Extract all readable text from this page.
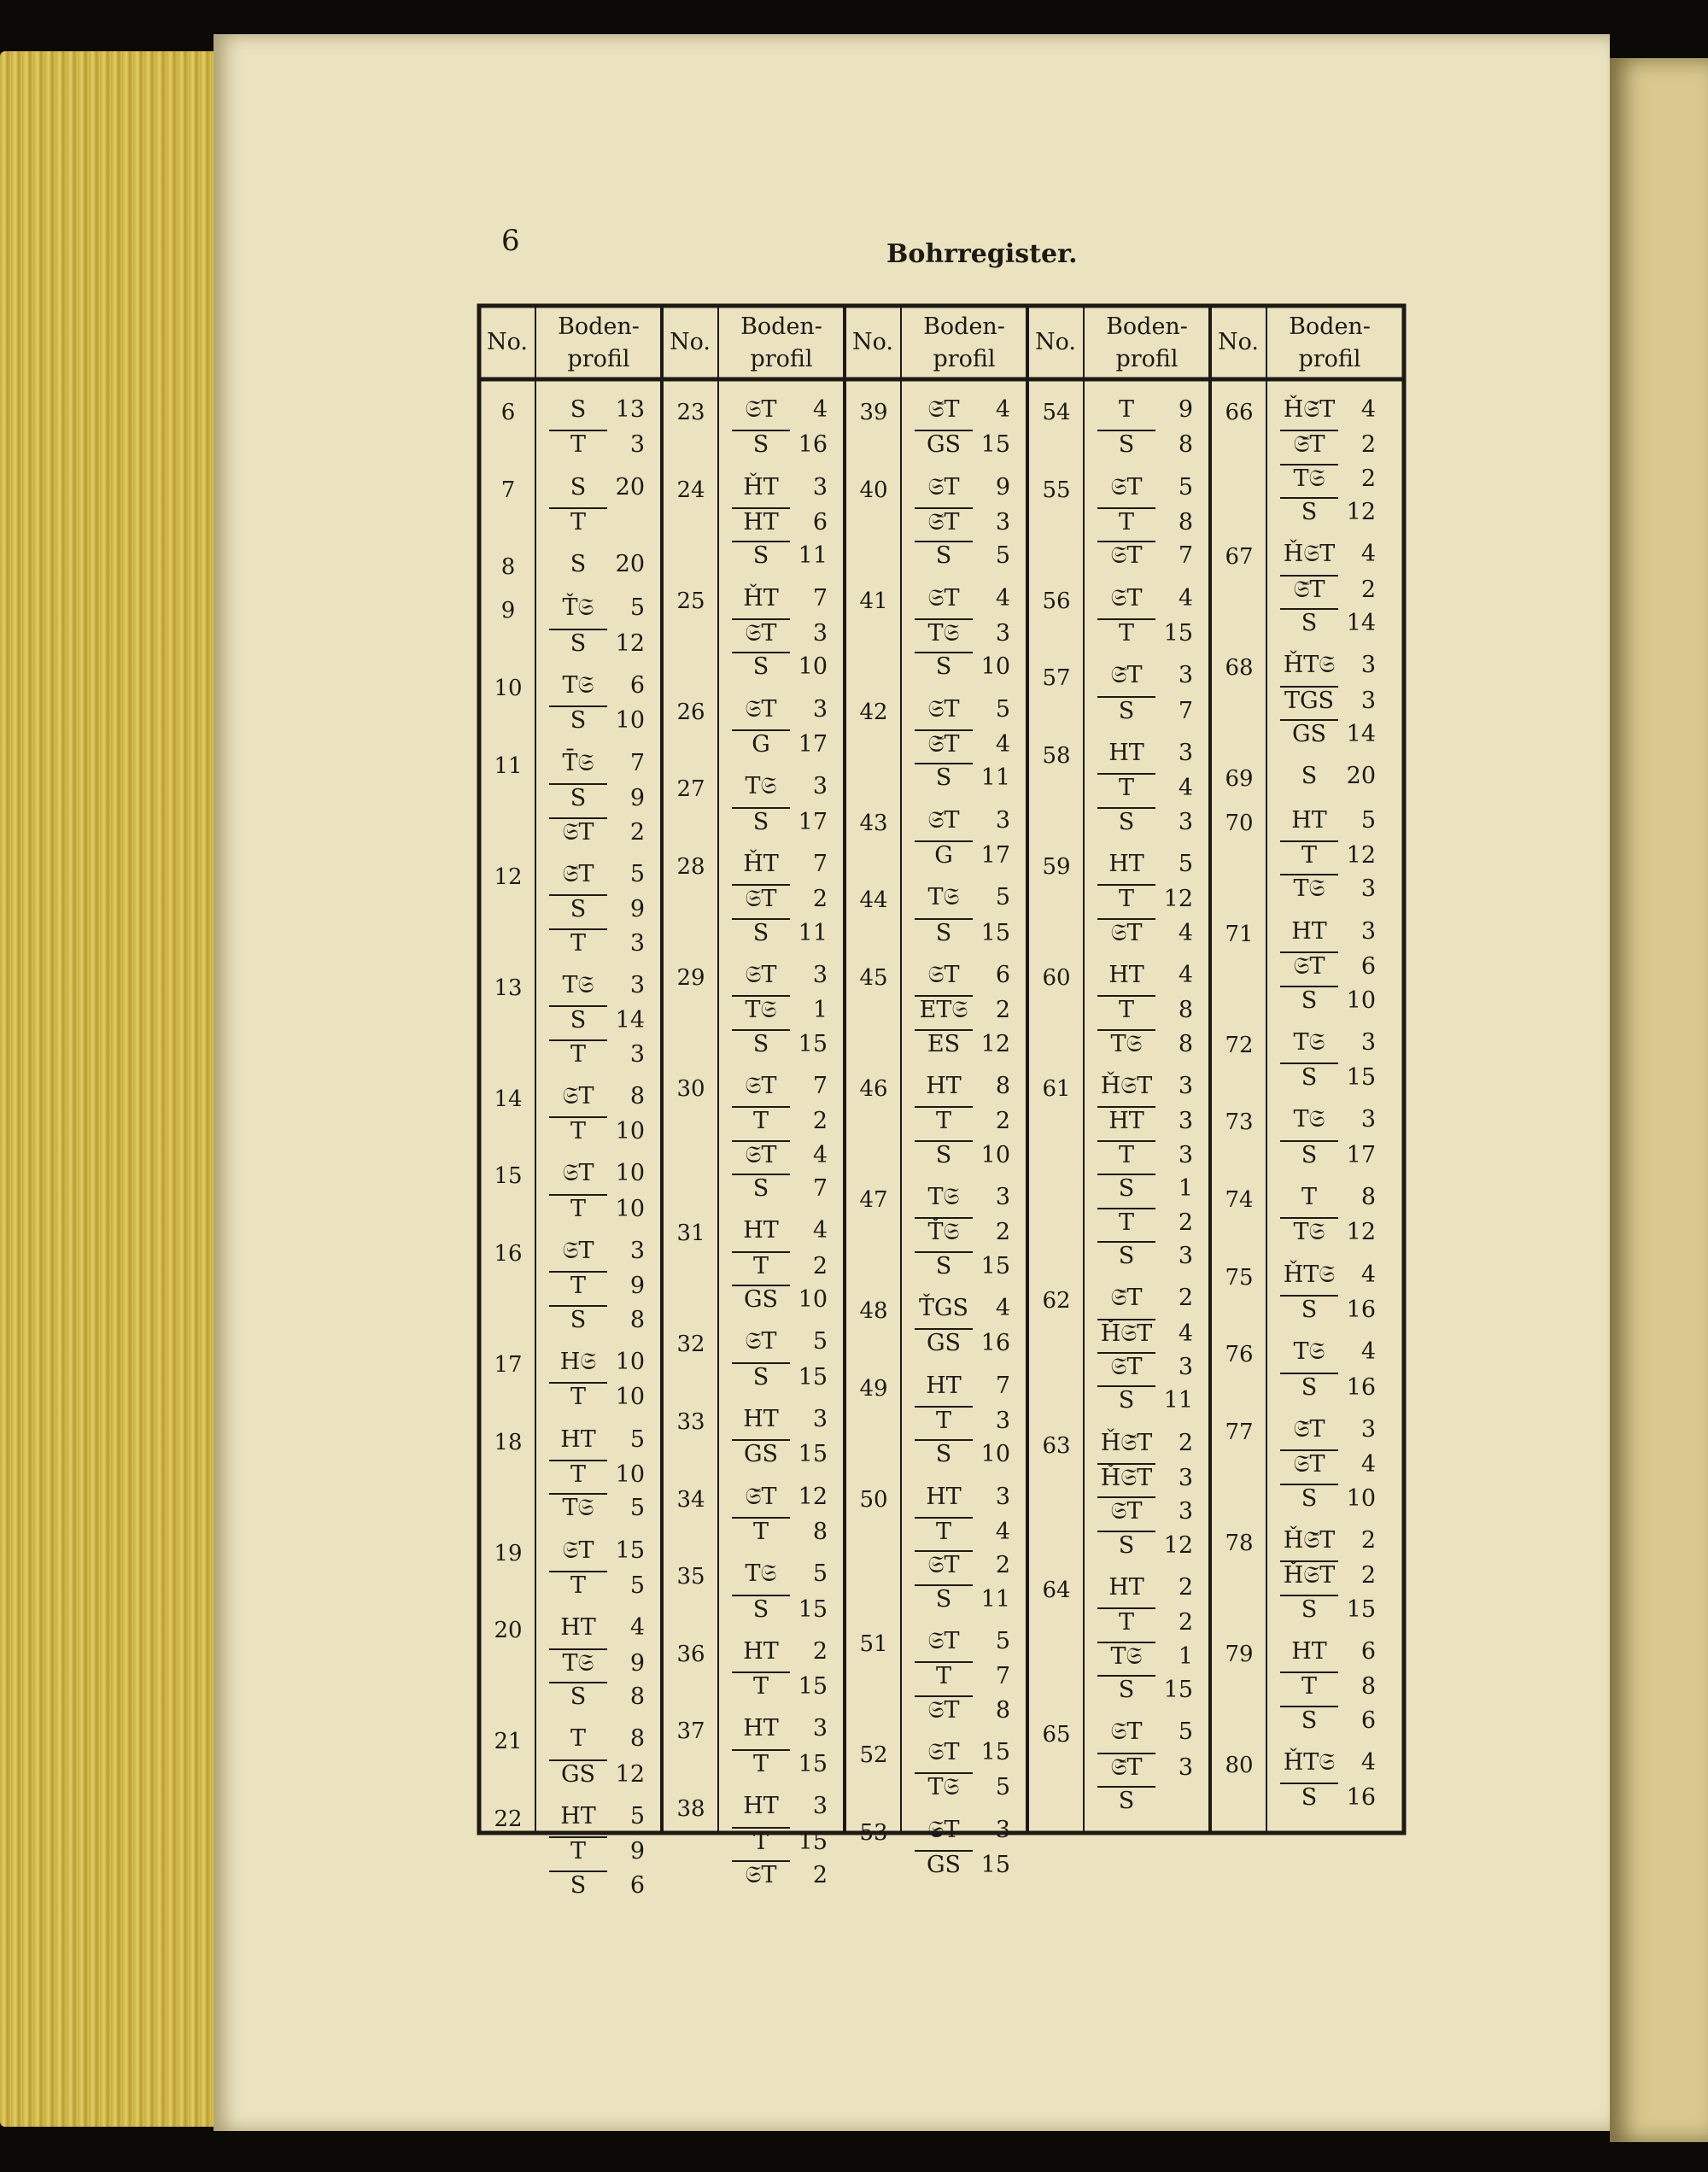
6	Bohrregister.
No.
Boden-
profil
No.
Boden-
profil
No.
Boden-
profil
No.
Boden-
profil
No.
Boden-
profil
6	S 13
T 3
7	S 20
T
8	S 20
9	Ť𝔖 5
S 12
10	T𝔖 6
S 10
11	T̄𝔖 7
S 9
𝔖T 2
12	𝔖̄T 5
S 9
T 3
13	T𝔖 3
S 14
T 3
14	𝔖T 8
T 10
15	𝔖T 10
T 10
16	𝔖T 3
T 9
S 8
17	H𝔖 10
T 10
18	HT 5
T 10
T𝔖 5
19	𝔖T 15
T 5
20	HT 4
T𝔖 9
S 8
21	T 8
GS 12
22	HT 5
T 9
S 6
23	𝔖T 4
S 16
24	ȞT 3
HT 6
S 11
25	ȞT 7
𝔖T 3
S 10
26	𝔖T 3
G 17
27	T𝔖 3
S 17
28	ȞT 7
𝔖T 2
S 11
29	𝔖T 3
T𝔖 1
S 15
30	𝔖T 7
T 2
𝔖T 4
S 7
31	HT 4
T 2
GS 10
32	𝔖T 5
S 15
33	HT 3
GS 15
34	𝔖̄T 12
T 8
35	T𝔖 5
S 15
36	HT 2
T 15
37	HT 3
T 15
38	HT 3
T 15
𝔖T 2
39	𝔖̄T 4
GS 15
40	𝔖T 9
𝔖̄T 3
S 5
41	𝔖T 4
T𝔖 3
S 10
42	𝔖T 5
𝔖̄T 4
S 11
43	𝔖̌T 3
G 17
44	T𝔖 5
S 15
45	𝔖T 6
ET𝔖 2
ES 12
46	HT 8
T 2
S 10
47	T𝔖 3
Ť𝔖 2
S 15
48	ŤGS 4
GS 16
49	HT 7
T 3
S 10
50	HT 3
T 4
𝔖T 2
S 11
51	𝔖T 5
T 7
𝔖T 8
52	𝔖T 15
T𝔖 5
53	𝔖T 3
GS 15
54	T 9
S 8
55	𝔖T 5
T 8
𝔖T 7
56	𝔖T 4
T 15
57	𝔖̄T 3
S 7
58	HT 3
T 4
S 3
59	HT 5
T 12
𝔖T 4
60	HT 4
T 8
T𝔖 8
61	Ȟ𝔖T 3
HT 3
T 3
S 1
T 2
S 3
62	𝔖̄T 2
Ȟ𝔖T 4
𝔖T 3
S 11
63	Ȟ𝔖̄T 2
Ȟ𝔖T 3
𝔖T 3
S 12
64	HT 2
T 2
T𝔖 1
S 15
65	𝔖T 5
𝔖̄T 3
S
66	Ȟ𝔖̌T 4
𝔖̄T 2
T𝔖 2
S 12
67	Ȟ𝔖T 4
𝔖̄T 2
S 14
68	ȞT𝔖 3
TGS 3
GS 14
69	S 20
70	HT 5
T 12
T𝔖 3
71	HT 3
𝔖T 6
S 10
72	T𝔖 3
S 15
73	T𝔖 3
S 17
74	T 8
T𝔖 12
75	ȞT𝔖 4
S 16
76	T𝔖 4
S 16
77	𝔖̄T 3
𝔖T 4
S 10
78	Ȟ𝔖̄T 2
Ȟ𝔖T 2
S 15
79	HT 6
T 8
S 6
80	ȞT𝔖 4
S 16
